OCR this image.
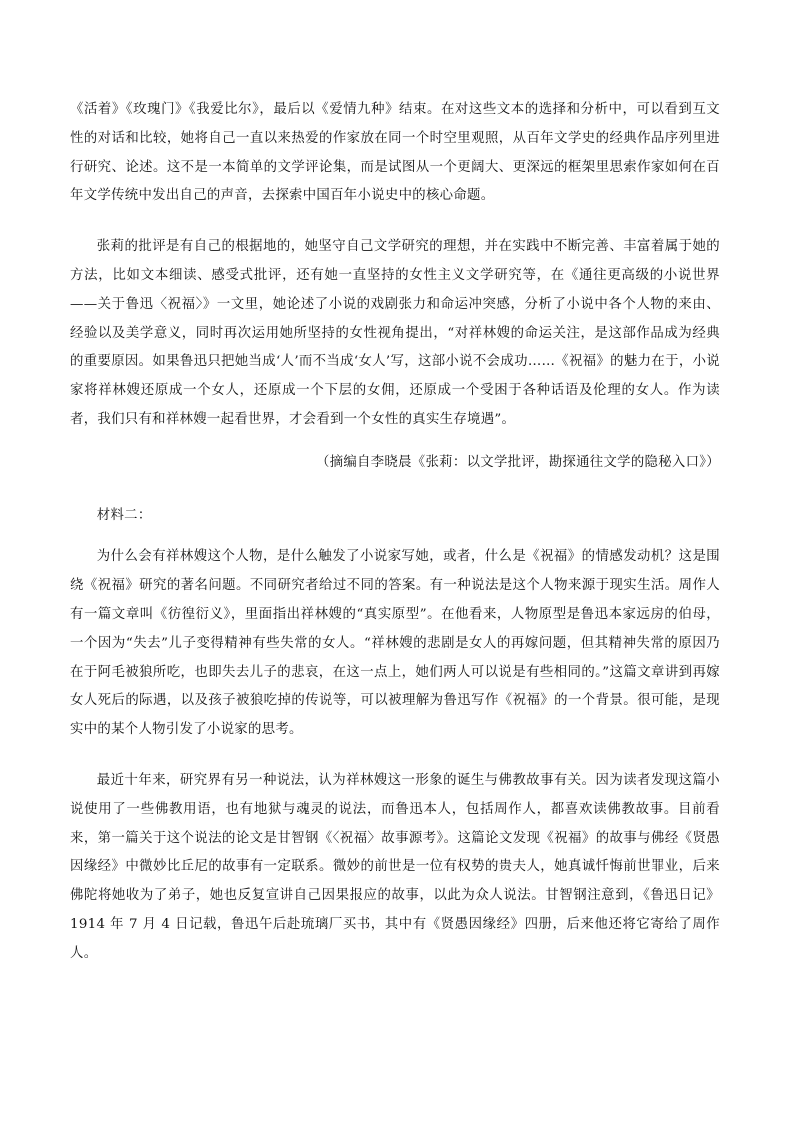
《活着》《玫瑰门》《我爱比尔》，最后以《爱情九种》结束。在对这些文本的选择和分析中，可以看到互文性的对话和比较，她将自己一直以来热爱的作家放在同一个时空里观照，从百年文学史的经典作品序列里进行研究、论述。这不是一本简单的文学评论集，而是试图从一个更阔大、更深远的框架里思索作家如何在百年文学传统中发出自己的声音，去探索中国百年小说史中的核心命题。

张莉的批评是有自己的根据地的，她坚守自己文学研究的理想，并在实践中不断完善、丰富着属于她的方法，比如文本细读、感受式批评，还有她一直坚持的女性主义文学研究等，在《通往更高级的小说世界——关于鲁迅〈祝福〉》一文里，她论述了小说的戏剧张力和命运冲突感，分析了小说中各个人物的来由、经验以及美学意义，同时再次运用她所坚持的女性视角提出，“对祥林嫂的命运关注，是这部作品成为经典的重要原因。如果鲁迅只把她当成‘人’而不当成‘女人’写，这部小说不会成功……《祝福》的魅力在于，小说家将祥林嫂还原成一个女人，还原成一个下层的女佣，还原成一个受困于各种话语及伦理的女人。作为读者，我们只有和祥林嫂一起看世界，才会看到一个女性的真实生存境遇”。

（摘编自李晓晨《张莉：以文学批评，勘探通往文学的隐秘入口》）

材料二：

为什么会有祥林嫂这个人物，是什么触发了小说家写她，或者，什么是《祝福》的情感发动机？这是围绕《祝福》研究的著名问题。不同研究者给过不同的答案。有一种说法是这个人物来源于现实生活。周作人有一篇文章叫《彷徨衍义》，里面指出祥林嫂的“真实原型”。在他看来，人物原型是鲁迅本家远房的伯母，一个因为“失去”儿子变得精神有些失常的女人。“祥林嫂的悲剧是女人的再嫁问题，但其精神失常的原因乃在于阿毛被狼所吃，也即失去儿子的悲哀，在这一点上，她们两人可以说是有些相同的。”这篇文章讲到再嫁女人死后的际遇，以及孩子被狼吃掉的传说等，可以被理解为鲁迅写作《祝福》的一个背景。很可能，是现实中的某个人物引发了小说家的思考。

最近十年来，研究界有另一种说法，认为祥林嫂这一形象的诞生与佛教故事有关。因为读者发现这篇小说使用了一些佛教用语，也有地狱与魂灵的说法，而鲁迅本人，包括周作人，都喜欢读佛教故事。目前看来，第一篇关于这个说法的论文是甘智钢《〈祝福〉故事源考》。这篇论文发现《祝福》的故事与佛经《贤愚因缘经》中微妙比丘尼的故事有一定联系。微妙的前世是一位有权势的贵夫人，她真诚忏悔前世罪业，后来佛陀将她收为了弟子，她也反复宣讲自己因果报应的故事，以此为众人说法。甘智钢注意到，《鲁迅日记》1914 年 7 月 4 日记载，鲁迅午后赴琉璃厂买书，其中有《贤愚因缘经》四册，后来他还将它寄给了周作人。
